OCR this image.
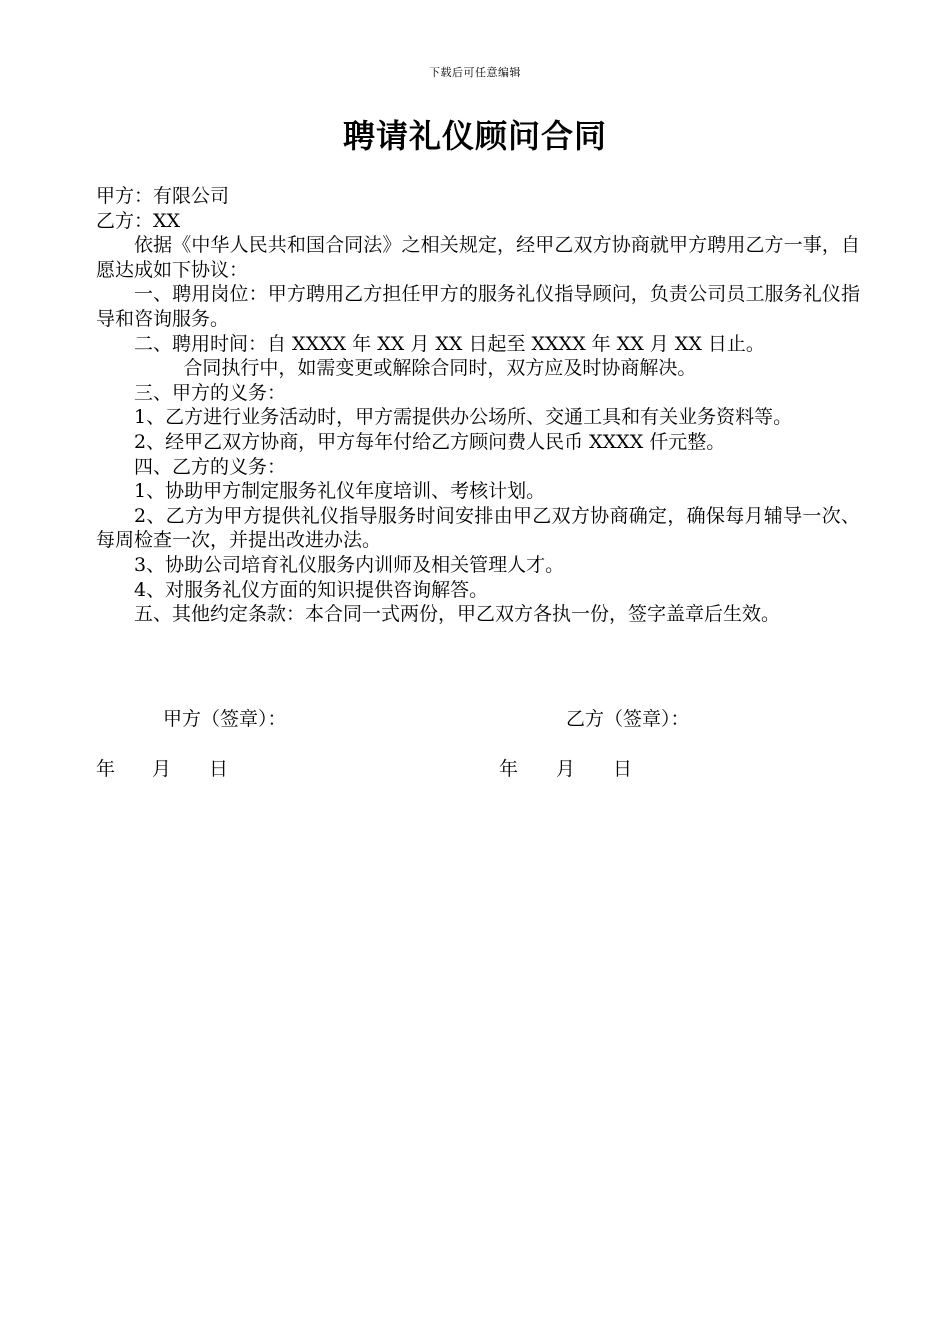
下载后可任意编辑
聘请礼仪顾问合同

甲方：有限公司

乙方：XX

依据《中华人民共和国合同法》之相关规定，经甲乙双方协商就甲方聘用乙方一事，自愿达成如下协议：

一、聘用岗位：甲方聘用乙方担任甲方的服务礼仪指导顾问，负责公司员工服务礼仪指导和咨询服务。

二、聘用时间：自 XXXX 年 XX 月 XX 日起至 XXXX 年 XX 月 XX 日止。

合同执行中，如需变更或解除合同时，双方应及时协商解决。

三、甲方的义务：

1、乙方进行业务活动时，甲方需提供办公场所、交通工具和有关业务资料等。

2、经甲乙双方协商，甲方每年付给乙方顾问费人民币 XXXX 仟元整。

四、乙方的义务：

1、协助甲方制定服务礼仪年度培训、考核计划。

2、乙方为甲方提供礼仪指导服务时间安排由甲乙双方协商确定，确保每月辅导一次、每周检查一次，并提出改进办法。

3、协助公司培育礼仪服务内训师及相关管理人才。

4、对服务礼仪方面的知识提供咨询解答。

五、其他约定条款：本合同一式两份，甲乙双方各执一份，签字盖章后生效。

甲方（签章）：	乙方（签章）：
年 月 日	年 月 日
